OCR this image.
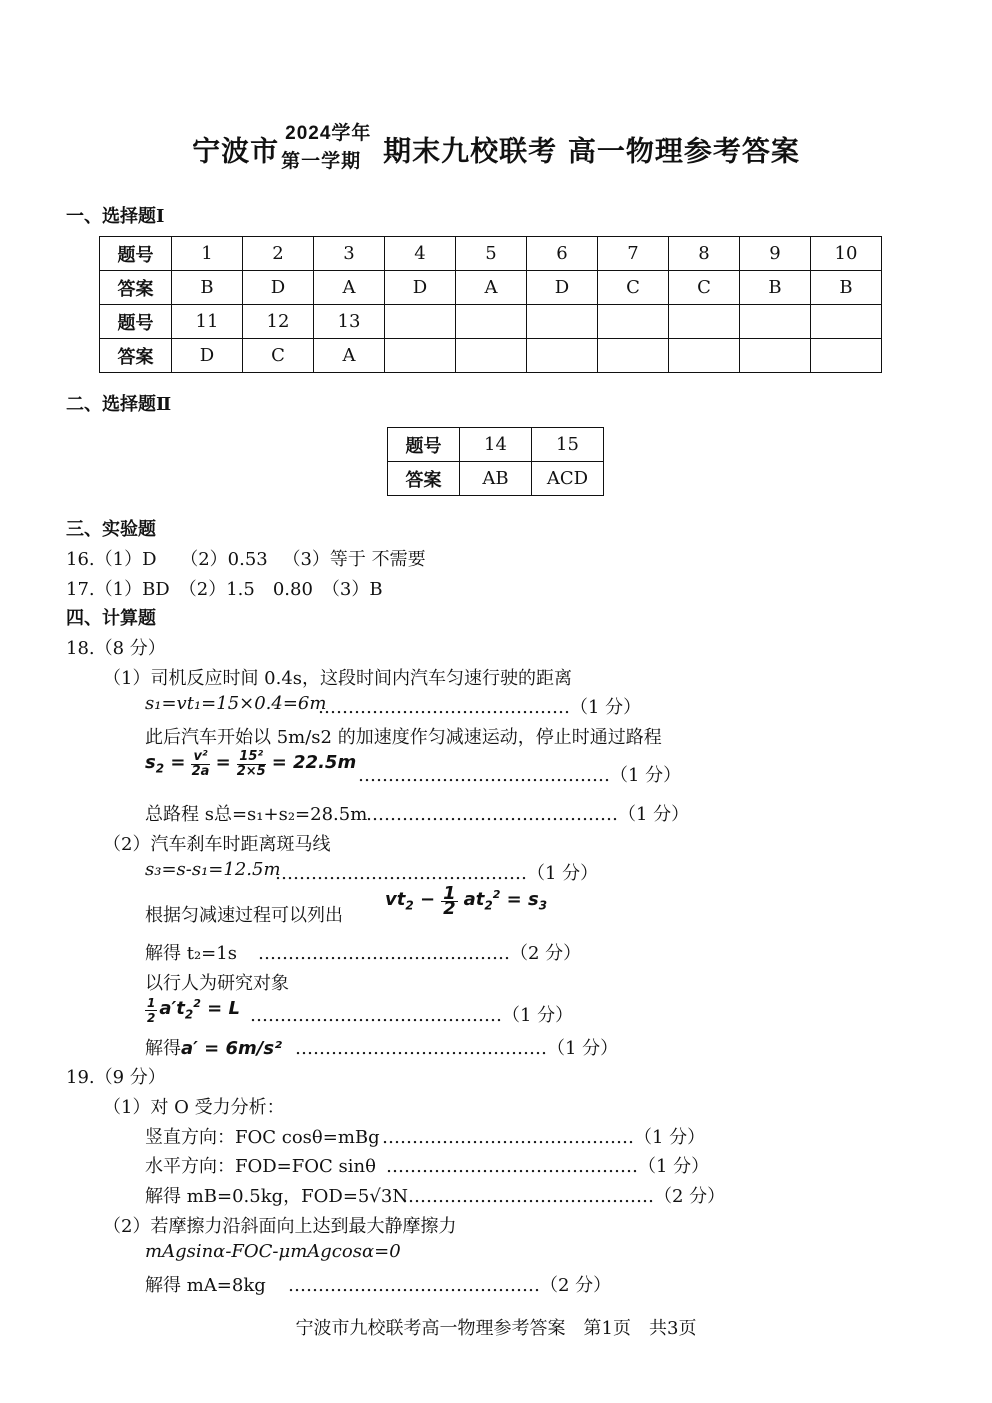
宁波市
2024学年
第一学期 期末九校联考 高一物理参考答案
一、选择题Ⅰ
题号	1	2	3	4	5	6	7	8	9	10
答案	B	D	A	D	A	D	C	C	B	B
题号	11	12	13							
答案	D	C	A							
二、选择题Ⅱ
题号	14	15
答案	AB	ACD
三、实验题
16.（1）D　 （2）0.53 　（3）等于 不需要
17.（1）BD　（2）1.5　0.80　（3）B
四、计算题
18.（8 分）
（1）司机反应时间 0.4s，这段时间内汽车匀速行驶的距离
s₁=vt₁=15×0.4=6m
……………………………………（1 分）
此后汽车开始以 5m/s2 的加速度作匀减速运动，停止时通过路程
$s_2 = \frac{\text{v²}}{2a} = \frac{\text{15²}}{2\times 5} = 22.5m$
……………………………………（1 分）
总路程 s总=s₁+s₂=28.5m
……………………………………（1 分）
（2）汽车刹车时距离斑马线
s₃=s-s₁=12.5m
……………………………………（1 分）
根据匀减速过程可以列出
$vt_2 - \frac{1}{2} at_2^2 = s_3$
解得 t₂=1s ……………………………………（2 分）
以行人为研究对象
$\frac{1}{2} a't_2^2 = L$ ……………………………………（1 分）
解得a′ = 6m/s² ……………………………………（1 分）
19.（9 分）
（1）对 O 受力分析：
竖直方向：FOC cosθ=mBg ……………………………………（1 分）
水平方向：FOD=FOC sinθ ……………………………………（1 分）
解得 mB=0.5kg，FOD=5√3N
……………………………………（2 分）
（2）若摩擦力沿斜面向上达到最大静摩擦力
mAgsinα-FOC-μmAgcosα=0
解得 mA=8kg ……………………………………（2 分）
宁波市九校联考高一物理参考答案　第1页　共3页
